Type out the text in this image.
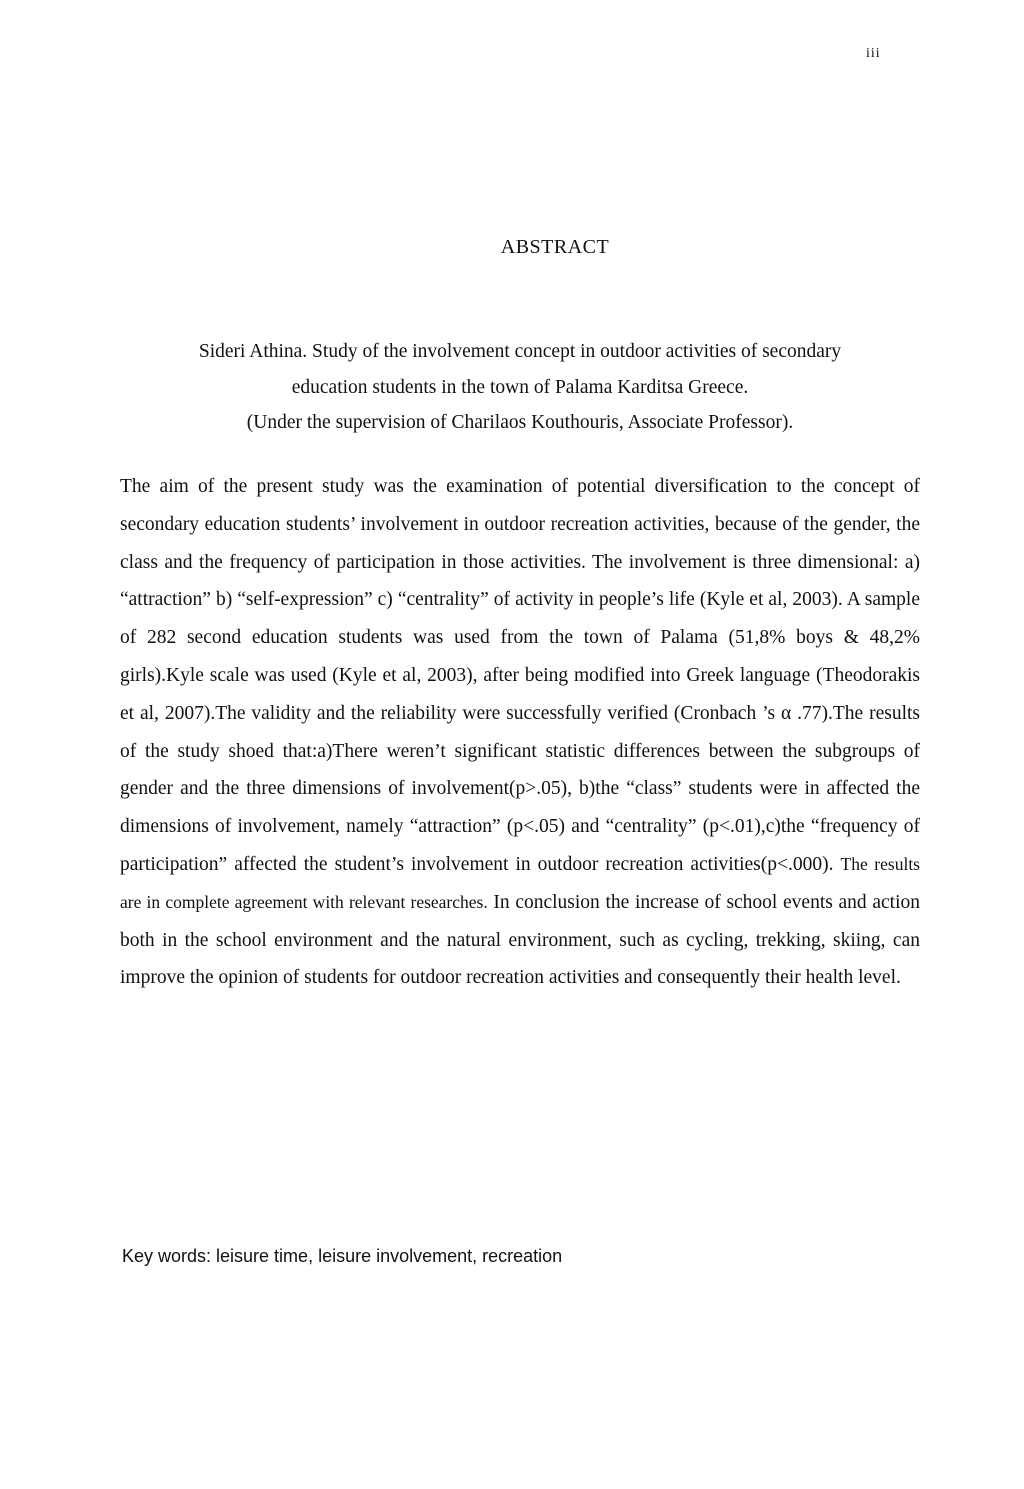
iii
ABSTRACT
Sideri Athina. Study of the involvement concept in outdoor activities of secondary
education students in the town of Palama Karditsa Greece.
(Under the supervision of Charilaos Kouthouris, Associate Professor).
The aim of the present study was the examination of potential diversification to the concept of secondary education students’ involvement in outdoor recreation activities, because of the gender, the class and the frequency of participation in those activities. The involvement is three dimensional: a) “attraction” b) “self-expression” c) “centrality” of activity in people’s life (Kyle et al, 2003). A sample of 282 second education students was used from the town of Palama (51,8% boys & 48,2% girls).Kyle scale was used (Kyle et al, 2003), after being modified into Greek language (Theodorakis et al, 2007).The validity and the reliability were successfully verified (Cronbach ’s α .77).The results of the study shoed that:a)There weren’t significant statistic differences between the subgroups of gender and the three dimensions of involvement(p>.05), b)the “class” students were in affected the dimensions of involvement, namely “attraction” (p<.05) and “centrality” (p<.01),c)the “frequency of participation” affected the student’s involvement in outdoor recreation activities(p<.000). The results are in complete agreement with relevant researches. In conclusion the increase of school events and action both in the school environment and the natural environment, such as cycling, trekking, skiing, can improve the opinion of students for outdoor recreation activities and consequently their health level.
Key words: leisure time, leisure involvement, recreation
